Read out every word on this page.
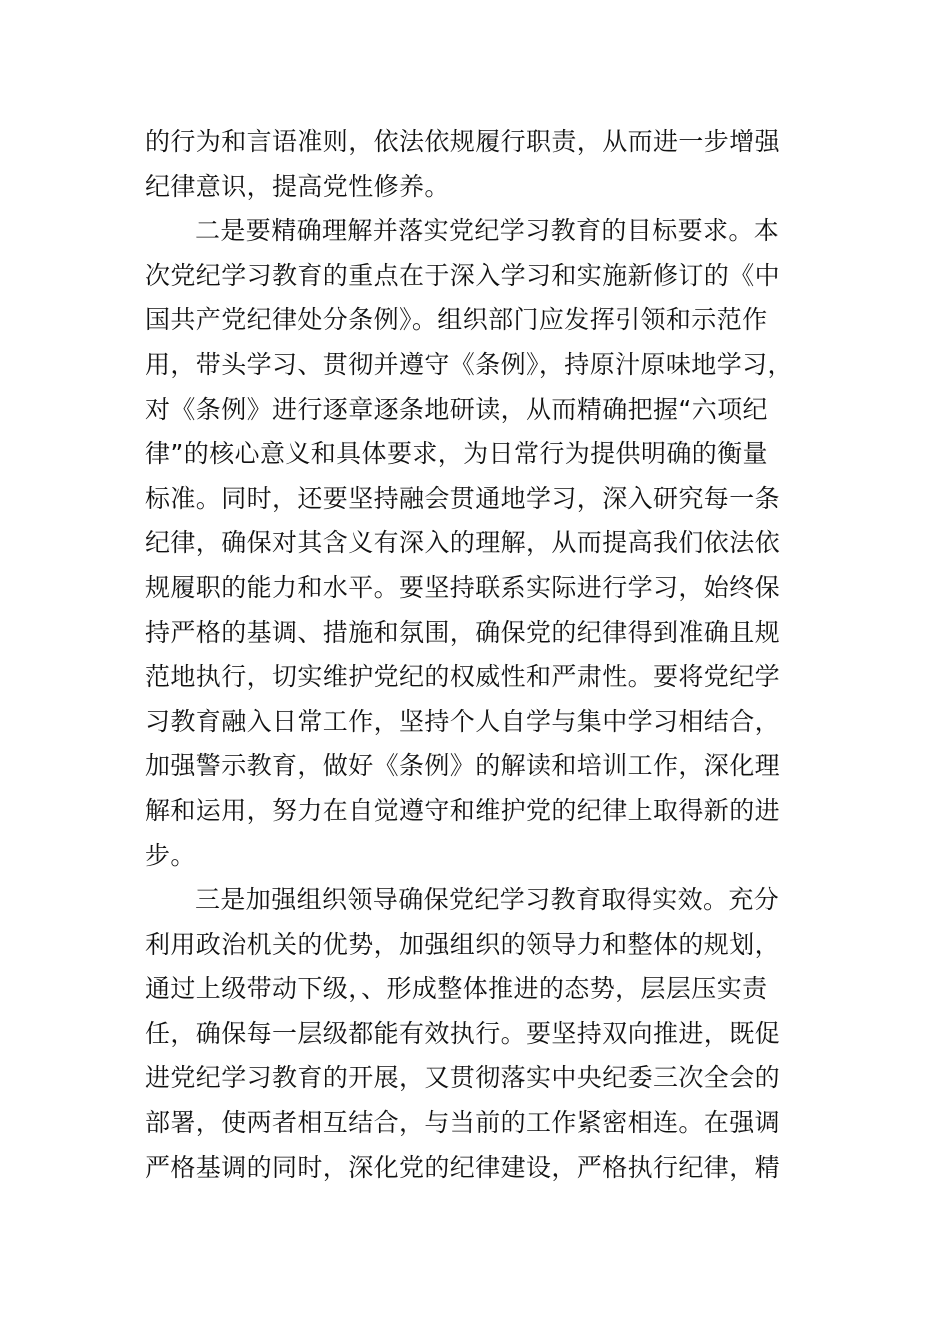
的行为和言语准则，依法依规履行职责，从而进一步增强
纪律意识，提高党性修养。
二是要精确理解并落实党纪学习教育的目标要求。本
次党纪学习教育的重点在于深入学习和实施新修订的《中
国共产党纪律处分条例》。组织部门应发挥引领和示范作
用，带头学习、贯彻并遵守《条例》，持原汁原味地学习，
对《条例》进行逐章逐条地研读，从而精确把握“六项纪
律”的核心意义和具体要求，为日常行为提供明确的衡量
标准。同时，还要坚持融会贯通地学习，深入研究每一条
纪律，确保对其含义有深入的理解，从而提高我们依法依
规履职的能力和水平。要坚持联系实际进行学习，始终保
持严格的基调、措施和氛围，确保党的纪律得到准确且规
范地执行，切实维护党纪的权威性和严肃性。要将党纪学
习教育融入日常工作，坚持个人自学与集中学习相结合，
加强警示教育，做好《条例》的解读和培训工作，深化理
解和运用，努力在自觉遵守和维护党的纪律上取得新的进
步。
三是加强组织领导确保党纪学习教育取得实效。充分
利用政治机关的优势，加强组织的领导力和整体的规划，
通过上级带动下级，、形成整体推进的态势，层层压实责
任，确保每一层级都能有效执行。要坚持双向推进，既促
进党纪学习教育的开展，又贯彻落实中央纪委三次全会的
部署，使两者相互结合，与当前的工作紧密相连。在强调
严格基调的同时，深化党的纪律建设，严格执行纪律，精
